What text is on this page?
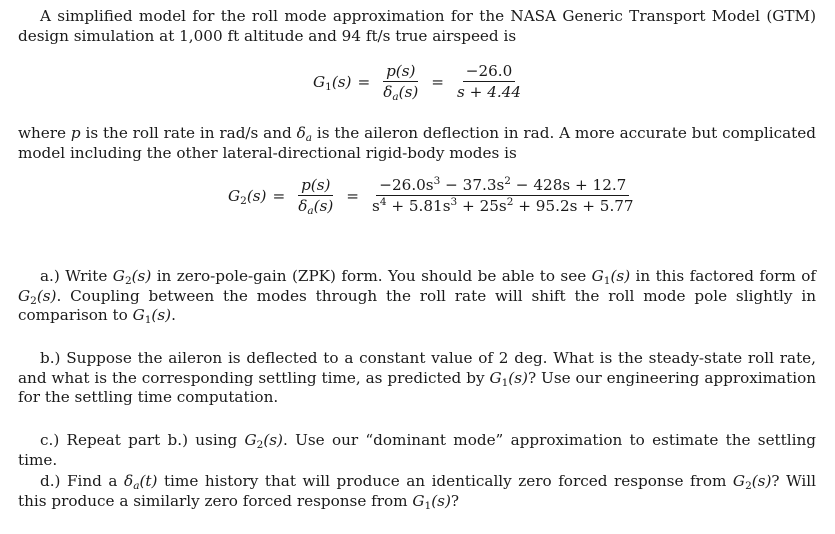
A simplified model for the roll mode approximation for the NASA Generic Transport Model (GTM) design simulation at 1,000 ft altitude and 94 ft/s true airspeed is
$G_1(s) = \frac{p(s)}{\delta_a(s)} = \frac{-26.0}{s + 4.44}$
where p is the roll rate in rad/s and $\delta_a$ is the aileron deflection in rad. A more accurate but complicated model including the other lateral-directional rigid-body modes is
$G_2(s) = \frac{p(s)}{\delta_a(s)} = \frac{-26.0s^3 - 37.3s^2 - 428s + 12.7}{s^4 + 5.81s^3 + 25s^2 + 95.2s + 5.77}$
a.) Write $G_2(s)$ in zero-pole-gain (ZPK) form. You should be able to see $G_1(s)$ in this factored form of $G_2(s)$. Coupling between the modes through the roll rate will shift the roll mode pole slightly in comparison to $G_1(s)$.
b.) Suppose the aileron is deflected to a constant value of 2 deg. What is the steady-state roll rate, and what is the corresponding settling time, as predicted by $G_1(s)$? Use our engineering approximation for the settling time computation.
c.) Repeat part b.) using $G_2(s)$. Use our “dominant mode” approximation to estimate the settling time.
d.) Find a $\delta_a(t)$ time history that will produce an identically zero forced response from $G_2(s)$? Will this produce a similarly zero forced response from $G_1(s)$?
